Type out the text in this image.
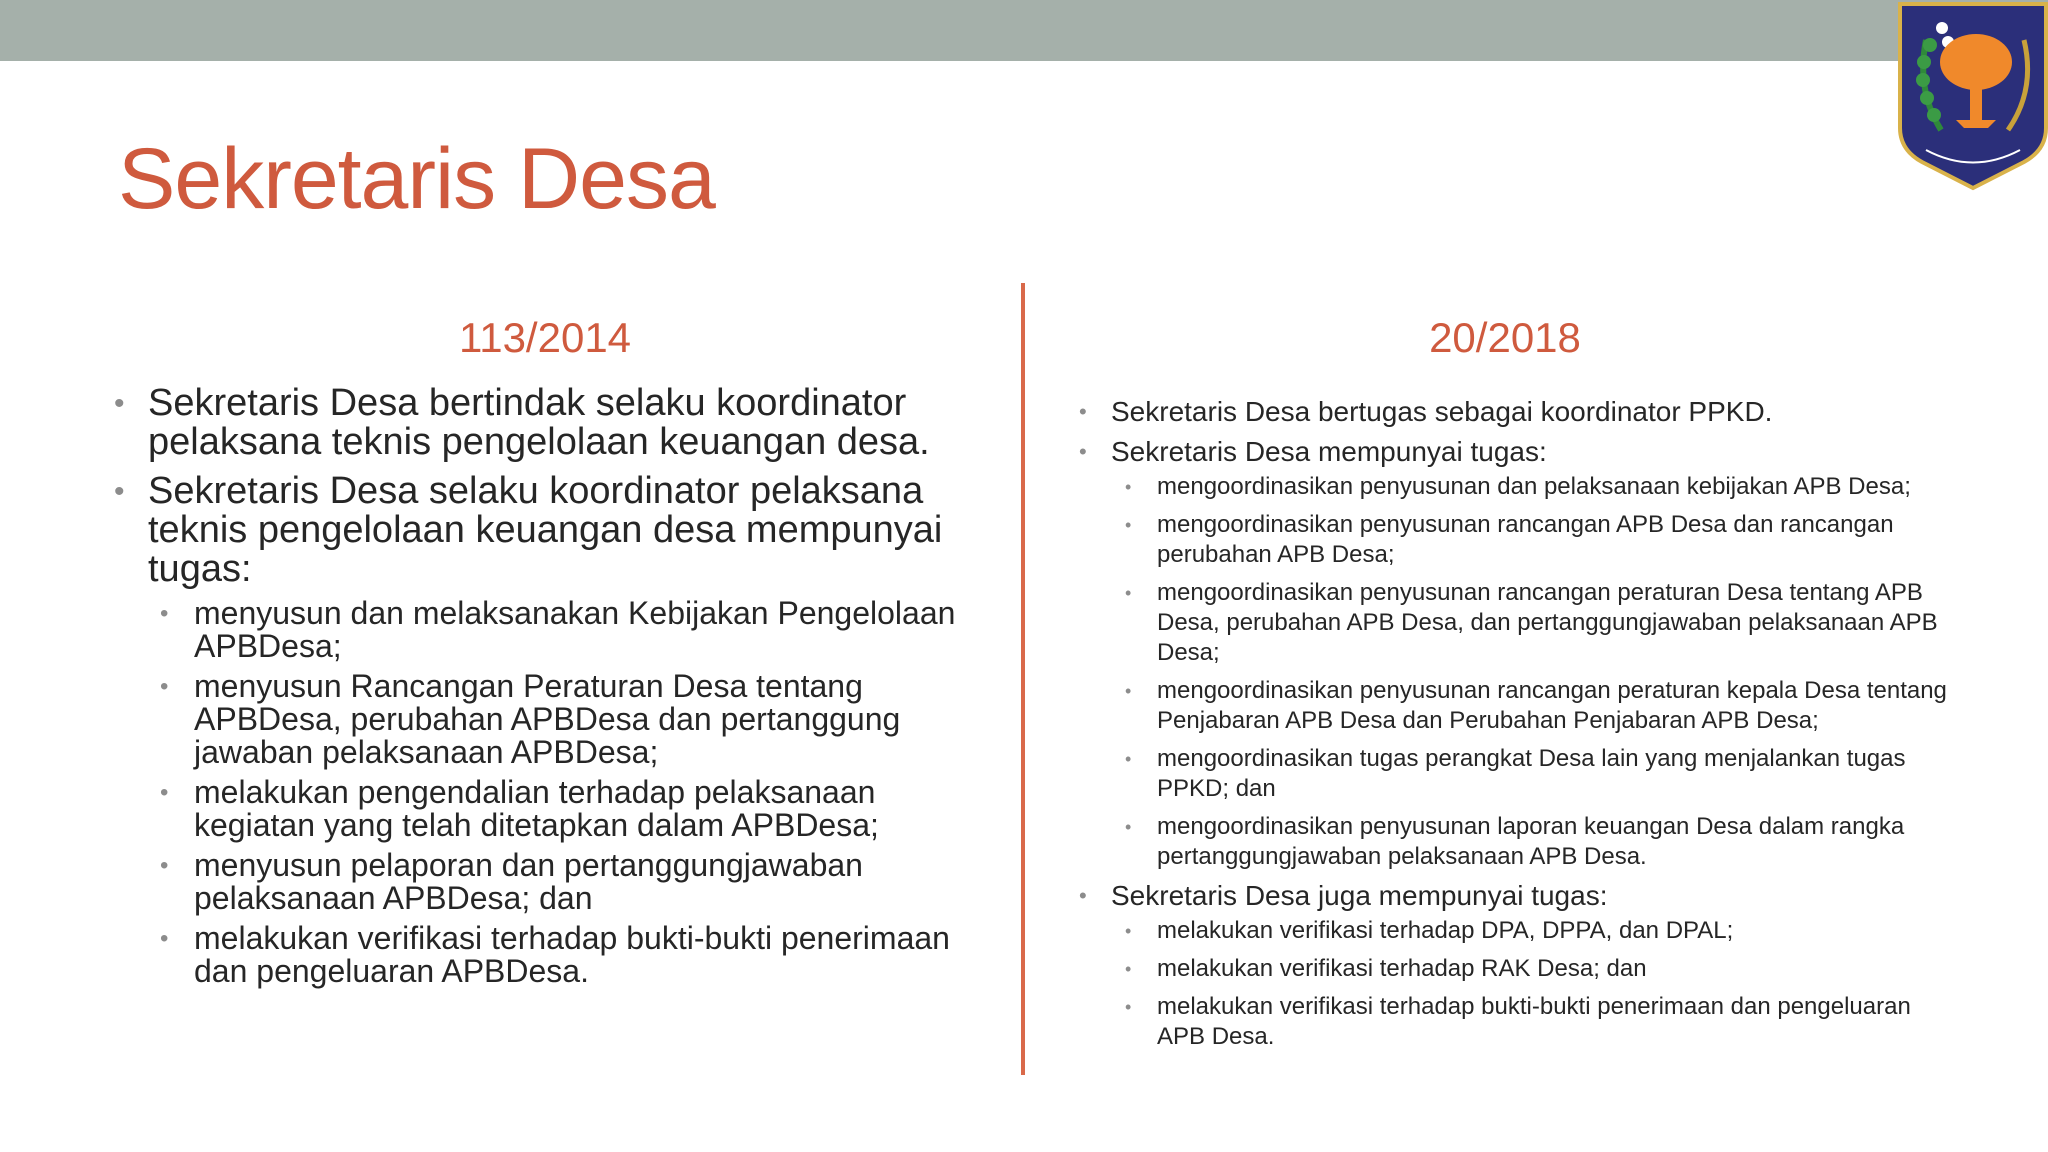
Sekretaris Desa
113/2014	20/2018
• Sekretaris Desa bertindak selaku koordinator pelaksana teknis pengelolaan keuangan desa.
• Sekretaris Desa selaku koordinator pelaksana teknis pengelolaan keuangan desa mempunyai tugas:
• menyusun dan melaksanakan Kebijakan Pengelolaan APBDesa;
• menyusun Rancangan Peraturan Desa tentang APBDesa, perubahan APBDesa dan pertanggung jawaban pelaksanaan APBDesa;
• melakukan pengendalian terhadap pelaksanaan kegiatan yang telah ditetapkan dalam APBDesa;
• menyusun pelaporan dan pertanggungjawaban pelaksanaan APBDesa; dan
• melakukan verifikasi terhadap bukti-bukti penerimaan dan pengeluaran APBDesa.
• Sekretaris Desa bertugas sebagai koordinator PPKD.
• Sekretaris Desa mempunyai tugas:
• mengoordinasikan penyusunan dan pelaksanaan kebijakan APB Desa;
• mengoordinasikan penyusunan rancangan APB Desa dan rancangan perubahan APB Desa;
• mengoordinasikan penyusunan rancangan peraturan Desa tentang APB Desa, perubahan APB Desa, dan pertanggungjawaban pelaksanaan APB Desa;
• mengoordinasikan penyusunan rancangan peraturan kepala Desa tentang Penjabaran APB Desa dan Perubahan Penjabaran APB Desa;
• mengoordinasikan tugas perangkat Desa lain yang menjalankan tugas PPKD; dan
• mengoordinasikan penyusunan laporan keuangan Desa dalam rangka pertanggungjawaban pelaksanaan APB Desa.
• Sekretaris Desa juga mempunyai tugas:
• melakukan verifikasi terhadap DPA, DPPA, dan DPAL;
• melakukan verifikasi terhadap RAK Desa; dan
• melakukan verifikasi terhadap bukti-bukti penerimaan dan pengeluaran APB Desa.
